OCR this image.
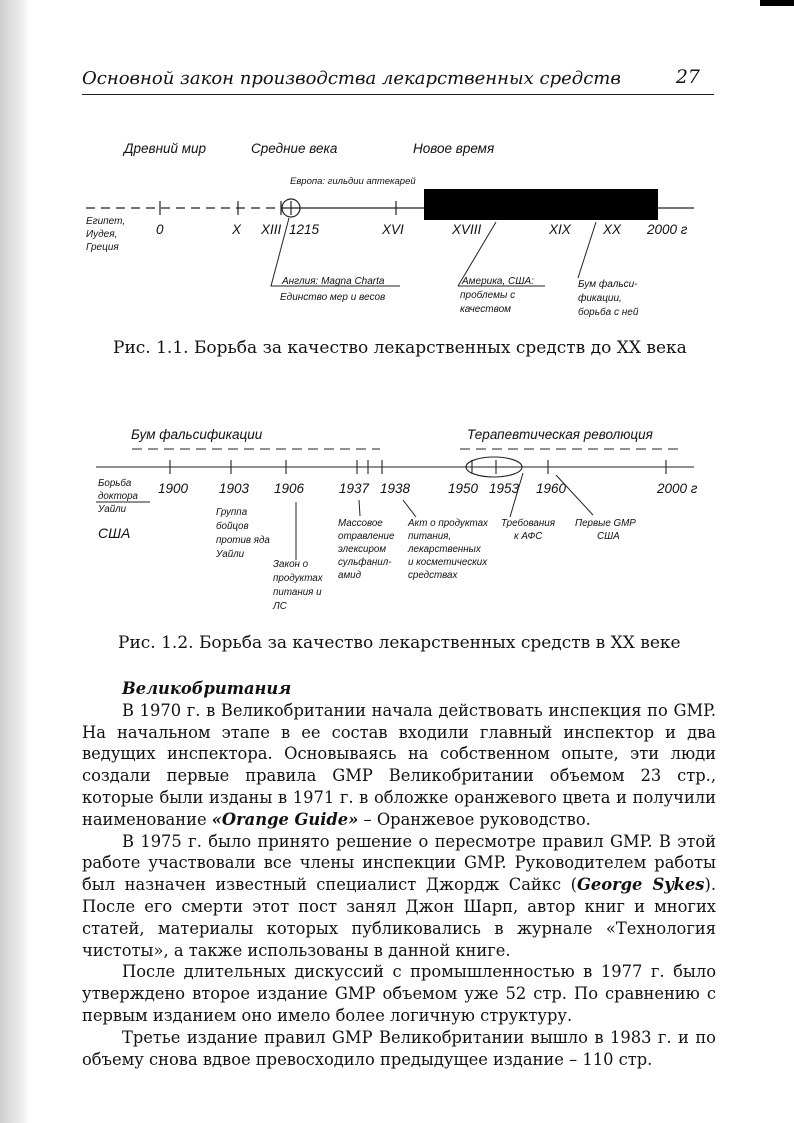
Основной закон производства лекарственных средств	27
Древний мир	Средние века	Новое время
Европа: гильдии аптекарей
0	X XIII 1215	XVI	XVIII	XIX XX 2000 г
Египет,
Иудея,
Греция
Англия: Magna Charta
Единство мер и весов
Америка, США:
проблемы с
качеством
Бум фальси-
фикации,
борьба с ней
Рис. 1.1. Борьба за качество лекарственных средств до XX века
Бум фальсификации	Терапевтическая революция
1900 1903 1906	1937 1938	1950 1953 1960	2000 г
Борьба
доктора
Уайли
США
Группа
бойцов
против яда
Уайли
Закон о
продуктах
питания и
ЛС
Массовое
отравление
элексиром
сульфанил-
амид
Акт о продуктах
питания,
лекарственных
и косметических
средствах
Требования
к АФС
Первые GMP
США
Рис. 1.2. Борьба за качество лекарственных средств в XX веке
Великобритания

В 1970 г. в Великобритании начала действовать инспекция по GMP. На начальном этапе в ее состав входили главный инспектор и два ведущих инспектора. Основываясь на собственном опыте, эти люди создали первые правила GMP Великобритании объемом 23 стр., которые были изданы в 1971 г. в обложке оранжевого цвета и получили наименование «Orange Guide» – Оранжевое руководство.

В 1975 г. было принято решение о пересмотре правил GMP. В этой работе участвовали все члены инспекции GMP. Руководителем работы был назначен известный специалист Джордж Сайкс (George Sykes). После его смерти этот пост занял Джон Шарп, автор книг и многих статей, материалы которых публиковались в журнале «Технология чистоты», а также использованы в данной книге.

После длительных дискуссий с промышленностью в 1977 г. было утверждено второе издание GMP объемом уже 52 стр. По сравнению с первым изданием оно имело более логичную структуру.

Третье издание правил GMP Великобритании вышло в 1983 г. и по объему снова вдвое превосходило предыдущее издание – 110 стр.
